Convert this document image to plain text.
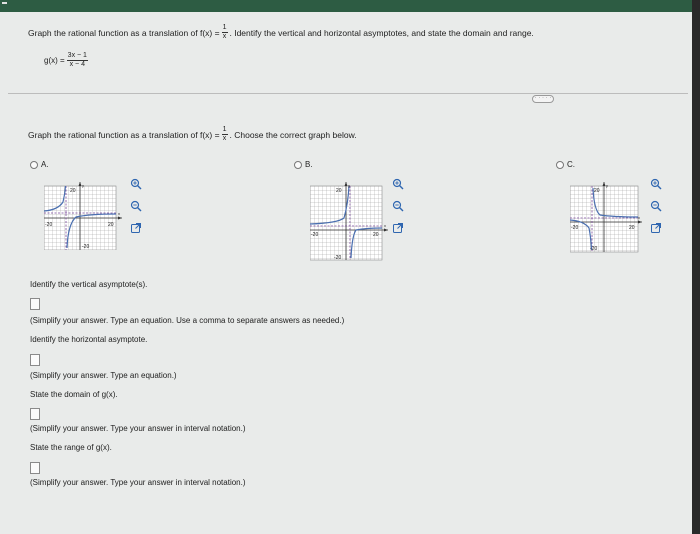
Graph the rational function as a translation of $f(x) = \frac{1}{x}$ . Identify the vertical and horizontal asymptotes, and state the domain and range.
$g(x) = \frac{3x - 1}{x - 4}$
· · · · ·
Graph the rational function as a translation of $f(x) = \frac{1}{x}$ . Choose the correct graph below.
A.
20
20
-20
-20
y
x
B.
20
20
-20
-20
y
x
C.
20
20
-20
-20
y
x
Identify the vertical asymptote(s).
(Simplify your answer. Type an equation. Use a comma to separate answers as needed.)
Identify the horizontal asymptote.
(Simplify your answer. Type an equation.)
State the domain of g(x).
(Simplify your answer. Type your answer in interval notation.)
State the range of g(x).
(Simplify your answer. Type your answer in interval notation.)
